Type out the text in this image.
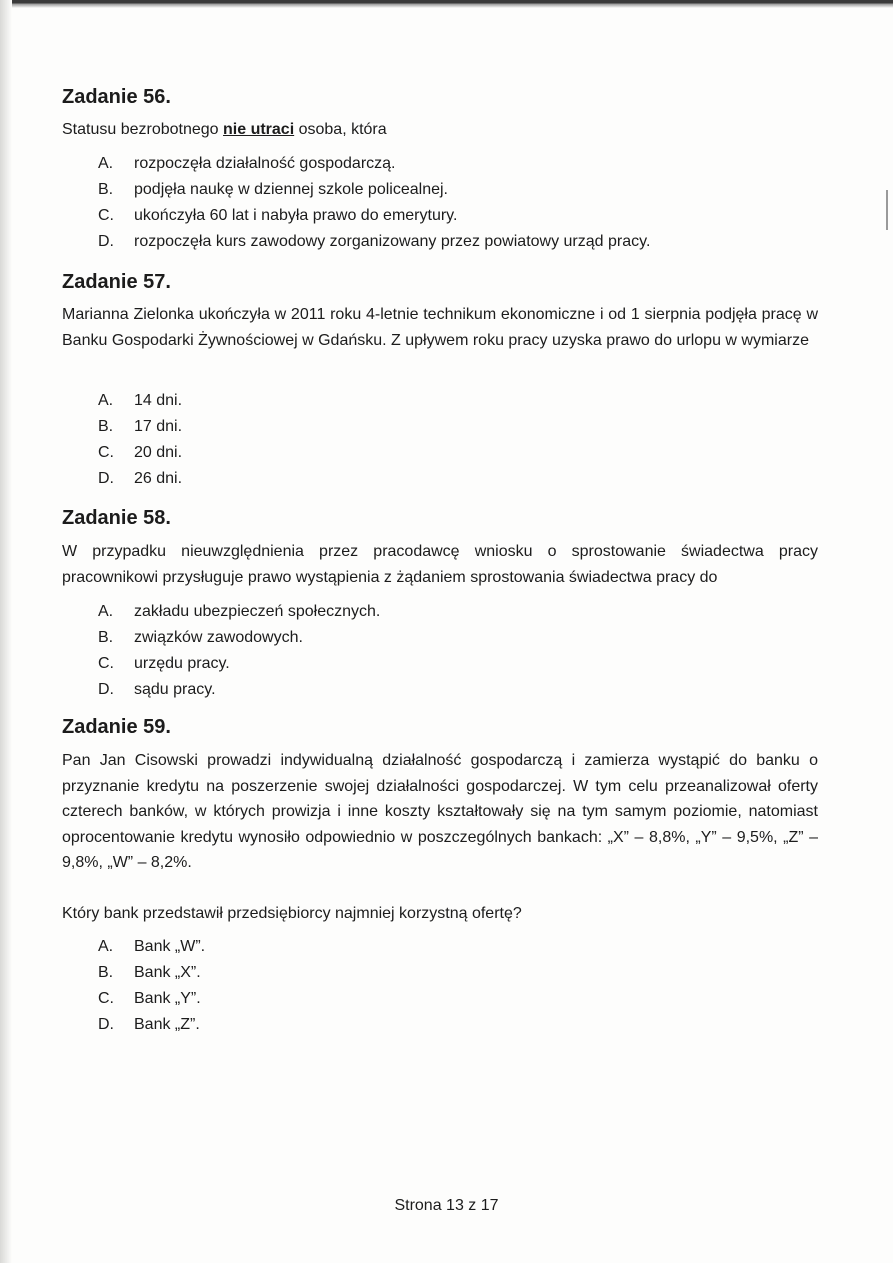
Zadanie 56.

Statusu bezrobotnego nie utraci osoba, która

A. rozpoczęła działalność gospodarczą.
B. podjęła naukę w dziennej szkole policealnej.
C. ukończyła 60 lat i nabyła prawo do emerytury.
D. rozpoczęła kurs zawodowy zorganizowany przez powiatowy urząd pracy.
Zadanie 57.

Marianna Zielonka ukończyła w 2011 roku 4-letnie technikum ekonomiczne i od 1 sierpnia podjęła pracę w Banku Gospodarki Żywnościowej w Gdańsku. Z upływem roku pracy uzyska prawo do urlopu w wymiarze

A. 14 dni.
B. 17 dni.
C. 20 dni.
D. 26 dni.
Zadanie 58.

W przypadku nieuwzględnienia przez pracodawcę wniosku o sprostowanie świadectwa pracy pracownikowi przysługuje prawo wystąpienia z żądaniem sprostowania świadectwa pracy do

A. zakładu ubezpieczeń społecznych.
B. związków zawodowych.
C. urzędu pracy.
D. sądu pracy.
Zadanie 59.

Pan Jan Cisowski prowadzi indywidualną działalność gospodarczą i zamierza wystąpić do banku o przyznanie kredytu na poszerzenie swojej działalności gospodarczej. W tym celu przeanalizował oferty czterech banków, w których prowizja i inne koszty kształtowały się na tym samym poziomie, natomiast oprocentowanie kredytu wynosiło odpowiednio w poszczególnych bankach: „X” – 8,8%, „Y” – 9,5%, „Z” – 9,8%, „W” – 8,2%.

Który bank przedstawił przedsiębiorcy najmniej korzystną ofertę?

A. Bank „W”.
B. Bank „X”.
C. Bank „Y”.
D. Bank „Z”.
Strona 13 z 17
